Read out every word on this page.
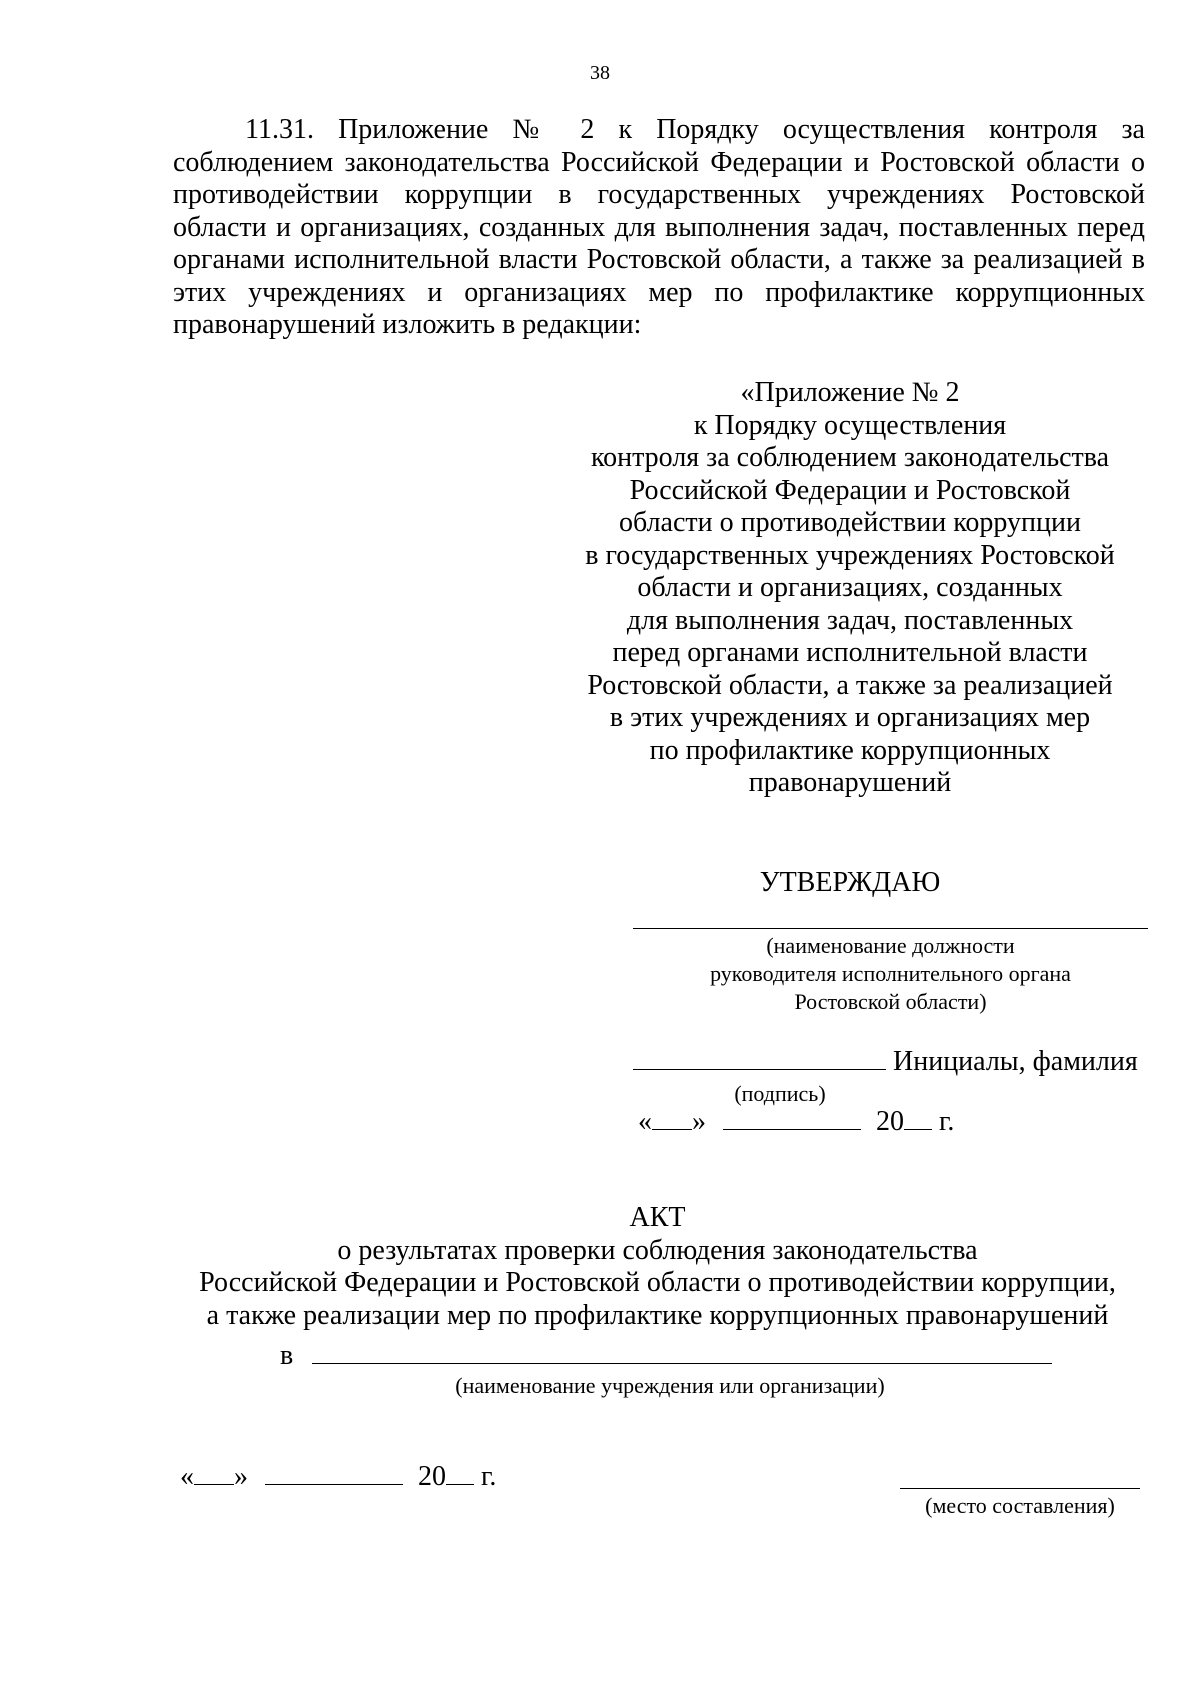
38
11.31. Приложение № 2 к Порядку осуществления контроля за соблюдением законодательства Российской Федерации и Ростовской области о противодействии коррупции в государственных учреждениях Ростовской области и организациях, созданных для выполнения задач, поставленных перед органами исполнительной власти Ростовской области, а также за реализацией в этих учреждениях и организациях мер по профилактике коррупционных правонарушений изложить в редакции:
«Приложение № 2
к Порядку осуществления
контроля за соблюдением законодательства
Российской Федерации и Ростовской
области о противодействии коррупции
в государственных учреждениях Ростовской
области и организациях, созданных
для выполнения задач, поставленных
перед органами исполнительной власти
Ростовской области, а также за реализацией
в этих учреждениях и организациях мер
по профилактике коррупционных
правонарушений
УТВЕРЖДАЮ
(наименование должности
руководителя исполнительного органа
Ростовской области)
Инициалы, фамилия
(подпись)
« »	20 г.
АКТ
о результатах проверки соблюдения законодательства
Российской Федерации и Ростовской области о противодействии коррупции,
а также реализации мер по профилактике коррупционных правонарушений
в
(наименование учреждения или организации)
« »	20 г.
(место составления)
